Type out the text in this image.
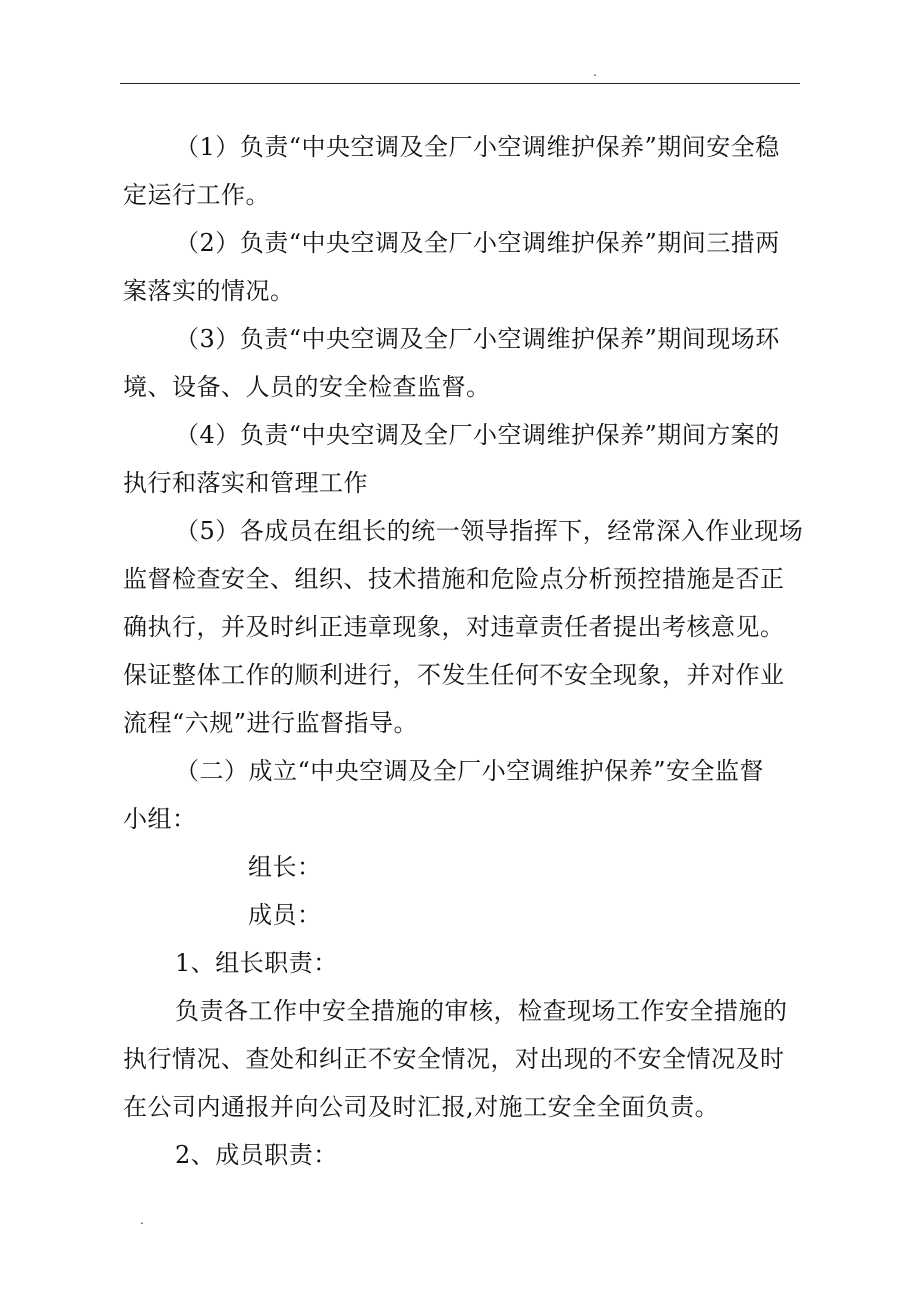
.
（1）负责“中央空调及全厂小空调维护保养”期间安全稳
定运行工作。
（2）负责“中央空调及全厂小空调维护保养”期间三措两
案落实的情况。
（3）负责“中央空调及全厂小空调维护保养”期间现场环
境、设备、人员的安全检查监督。
（4）负责“中央空调及全厂小空调维护保养”期间方案的
执行和落实和管理工作
（5）各成员在组长的统一领导指挥下，经常深入作业现场
监督检查安全、组织、技术措施和危险点分析预控措施是否正
确执行，并及时纠正违章现象，对违章责任者提出考核意见。
保证整体工作的顺利进行，不发生任何不安全现象，并对作业
流程“六规”进行监督指导。
（二）成立“中央空调及全厂小空调维护保养”安全监督
小组：
组长：
成员：
1、组长职责：
负责各工作中安全措施的审核，检查现场工作安全措施的
执行情况、查处和纠正不安全情况，对出现的不安全情况及时
在公司内通报并向公司及时汇报,对施工安全全面负责。
2、成员职责：
.
